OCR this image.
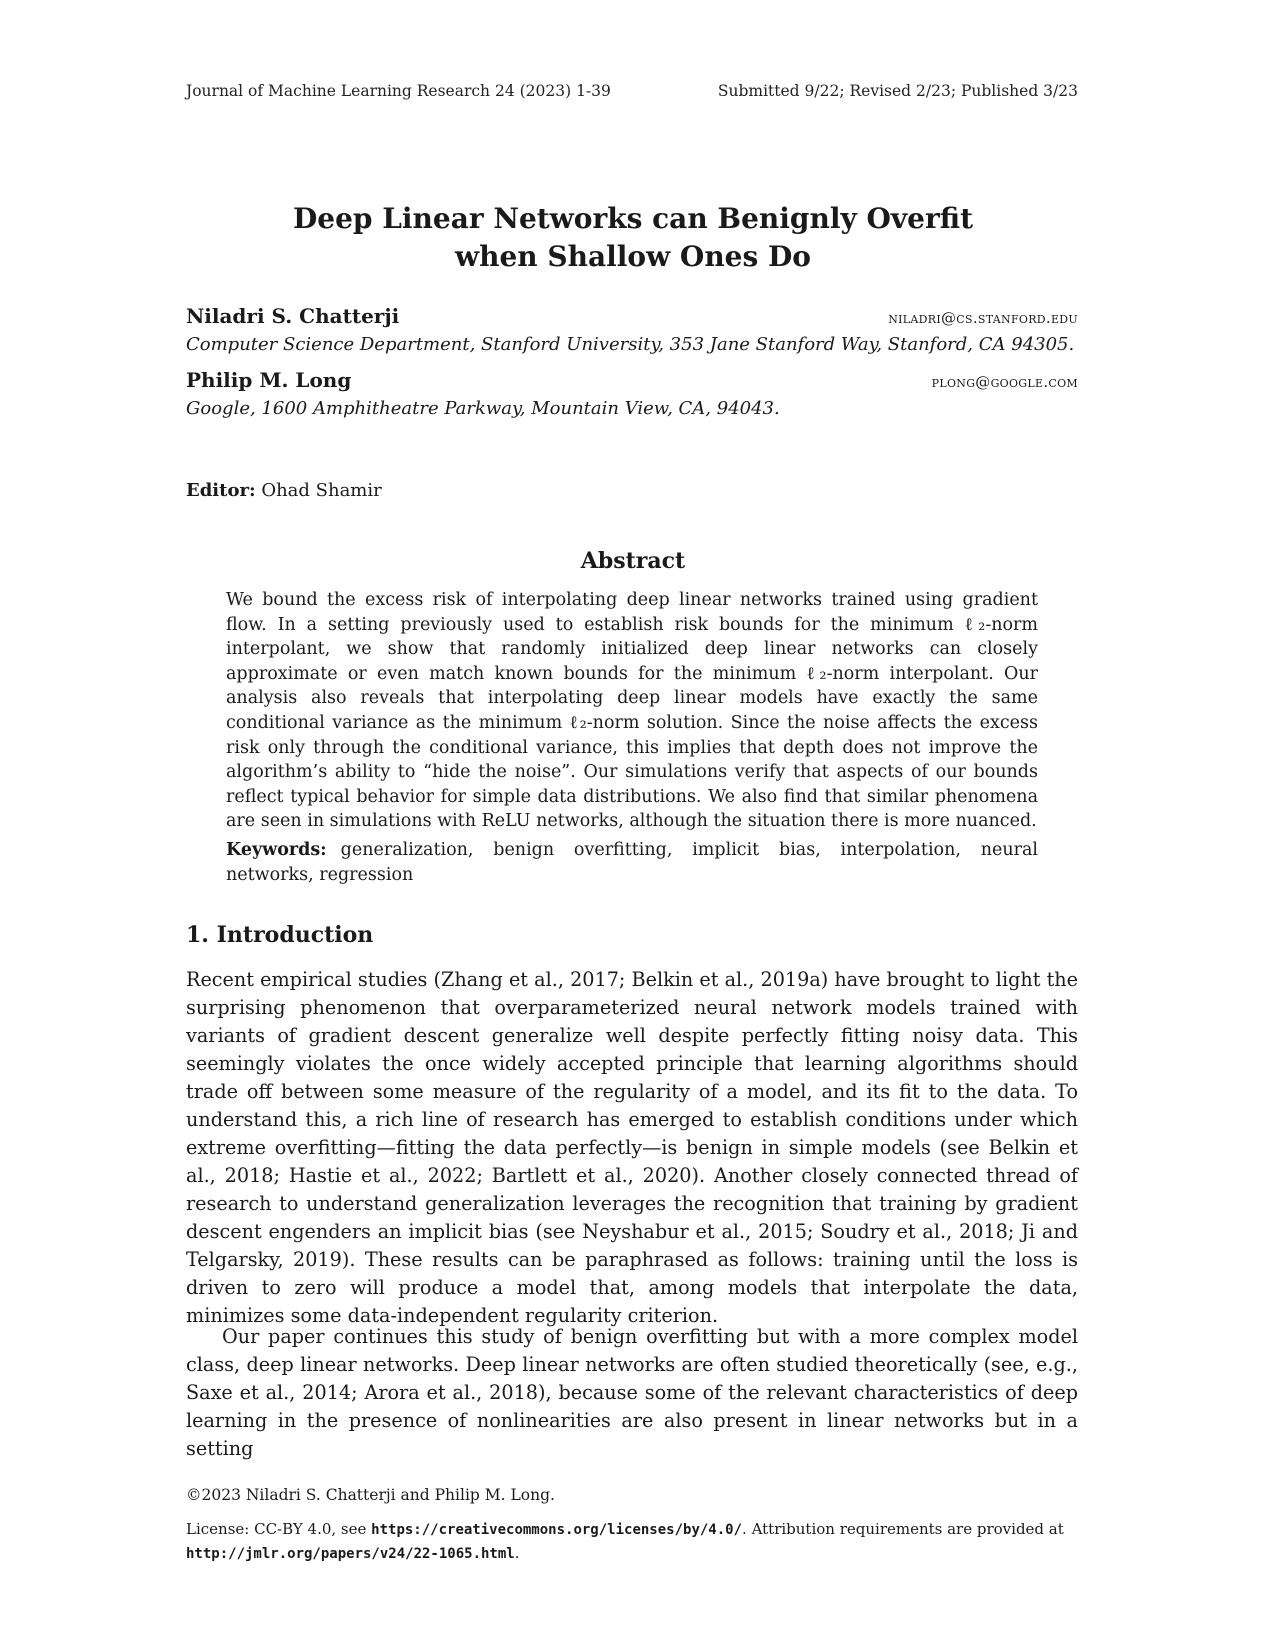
Journal of Machine Learning Research 24 (2023) 1-39	Submitted 9/22; Revised 2/23; Published 3/23
Deep Linear Networks can Benignly Overfit
when Shallow Ones Do
Niladri S. Chatterji	niladri@cs.stanford.edu
Computer Science Department, Stanford University, 353 Jane Stanford Way, Stanford, CA 94305.
Philip M. Long	plong@google.com
Google, 1600 Amphitheatre Parkway, Mountain View, CA, 94043.
Editor: Ohad Shamir
Abstract
We bound the excess risk of interpolating deep linear networks trained using gradient flow. In a setting previously used to establish risk bounds for the minimum ℓ₂-norm interpolant, we show that randomly initialized deep linear networks can closely approximate or even match known bounds for the minimum ℓ₂-norm interpolant. Our analysis also reveals that interpolating deep linear models have exactly the same conditional variance as the minimum ℓ₂-norm solution. Since the noise affects the excess risk only through the conditional variance, this implies that depth does not improve the algorithm’s ability to “hide the noise”. Our simulations verify that aspects of our bounds reflect typical behavior for simple data distributions. We also find that similar phenomena are seen in simulations with ReLU networks, although the situation there is more nuanced.
Keywords: generalization, benign overfitting, implicit bias, interpolation, neural networks, regression
1. Introduction
Recent empirical studies (Zhang et al., 2017; Belkin et al., 2019a) have brought to light the surprising phenomenon that overparameterized neural network models trained with variants of gradient descent generalize well despite perfectly fitting noisy data. This seemingly violates the once widely accepted principle that learning algorithms should trade off between some measure of the regularity of a model, and its fit to the data. To understand this, a rich line of research has emerged to establish conditions under which extreme overfitting—fitting the data perfectly—is benign in simple models (see Belkin et al., 2018; Hastie et al., 2022; Bartlett et al., 2020). Another closely connected thread of research to understand generalization leverages the recognition that training by gradient descent engenders an implicit bias (see Neyshabur et al., 2015; Soudry et al., 2018; Ji and Telgarsky, 2019). These results can be paraphrased as follows: training until the loss is driven to zero will produce a model that, among models that interpolate the data, minimizes some data-independent regularity criterion.
Our paper continues this study of benign overfitting but with a more complex model class, deep linear networks. Deep linear networks are often studied theoretically (see, e.g., Saxe et al., 2014; Arora et al., 2018), because some of the relevant characteristics of deep learning in the presence of nonlinearities are also present in linear networks but in a setting
©2023 Niladri S. Chatterji and Philip M. Long.
License: CC-BY 4.0, see https://creativecommons.org/licenses/by/4.0/. Attribution requirements are provided at http://jmlr.org/papers/v24/22-1065.html.
